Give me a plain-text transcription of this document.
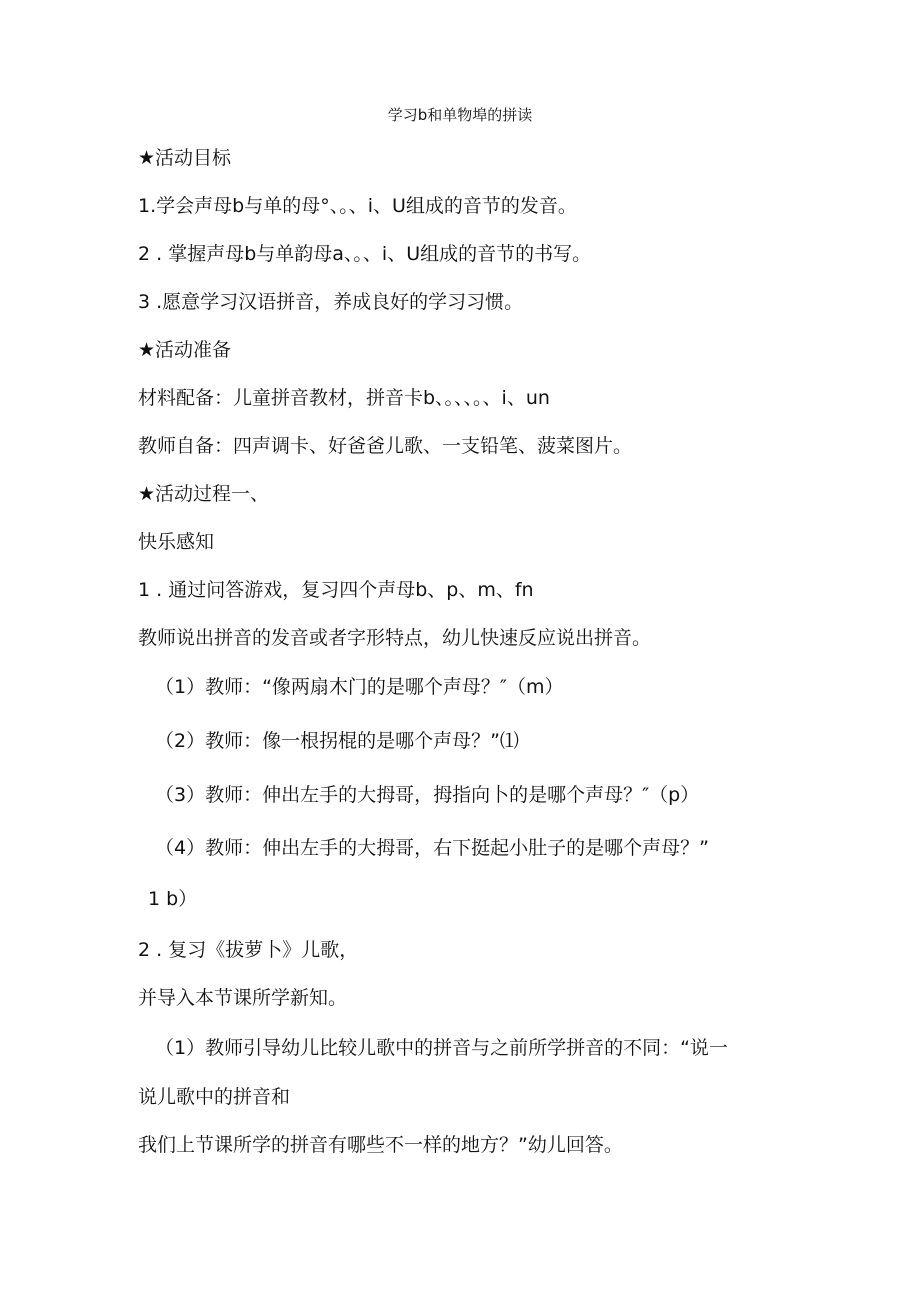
学习b和单物埠的拼读
★活动目标
1.学会声母b与单的母°、。、i、U组成的音节的发音。
2 . 掌握声母b与单韵母a、。、i、U组成的音节的书写。
3 .愿意学习汉语拼音，养成良好的学习习惯。
★活动准备
材料配备：儿童拼音教材，拼音卡b、。、、。、i、un
教师自备：四声调卡、好爸爸儿歌、一支铅笔、菠菜图片。
★活动过程一、
快乐感知
1 . 通过问答游戏，复习四个声母b、p、m、fn
教师说出拼音的发音或者字形特点，幼儿快速反应说出拼音。
（1）教师：“像两扇木门的是哪个声母？″（m）
（2）教师：像一根拐棍的是哪个声母？”⑴
（3）教师：伸出左手的大拇哥，拇指向卜的是哪个声母？″（p）
（4）教师：伸出左手的大拇哥，右下挺起小肚子的是哪个声母？”
1 b）
2 . 复习《拔萝卜》儿歌，
并导入本节课所学新知。
（1）教师引导幼儿比较儿歌中的拼音与之前所学拼音的不同：“说一
说儿歌中的拼音和
我们上节课所学的拼音有哪些不一样的地方？”幼儿回答。
